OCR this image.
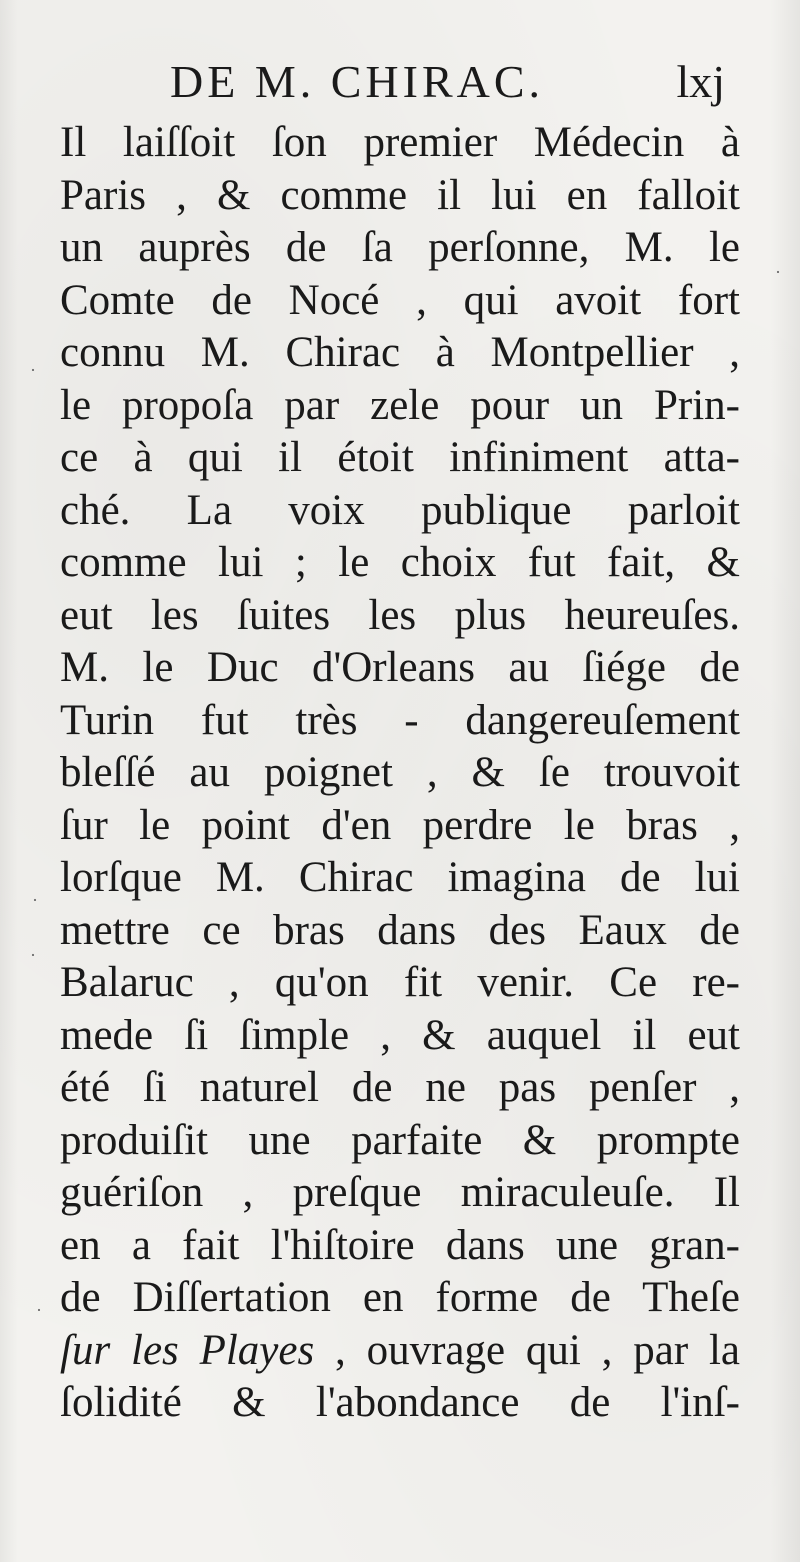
DE M. CHIRAC.	lxj
Il laiſſoit ſon premier Médecin à
Paris , & comme il lui en falloit
un auprès de ſa perſonne, M. le
Comte de Nocé , qui avoit fort
connu M. Chirac à Montpellier ,
le propoſa par zele pour un Prin-
ce à qui il étoit infiniment atta-
ché. La voix publique parloit
comme lui ; le choix fut fait, &
eut les ſuites les plus heureuſes.
M. le Duc d'Orleans au ſiége de
Turin fut très - dangereuſement
bleſſé au poignet , & ſe trouvoit
ſur le point d'en perdre le bras ,
lorſque M. Chirac imagina de lui
mettre ce bras dans des Eaux de
Balaruc , qu'on fit venir. Ce re-
mede ſi ſimple , & auquel il eut
été ſi naturel de ne pas penſer ,
produiſit une parfaite & prompte
guériſon , preſque miraculeuſe. Il
en a fait l'hiſtoire dans une gran-
de Diſſertation en forme de Theſe
ſur les Playes , ouvrage qui , par la
ſolidité & l'abondance de l'inſ-
·
·
·
·
·
